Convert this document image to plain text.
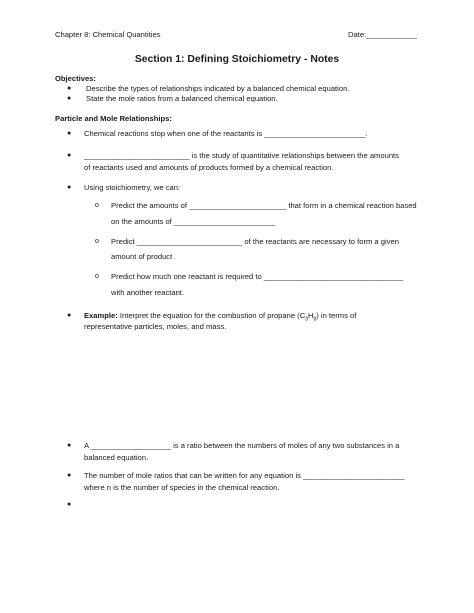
Chapter 8: Chemical Quantities	Date:____________
Section 1: Defining Stoichiometry - Notes
Objectives:
● Describe the types of relationships indicated by a balanced chemical equation.
● State the mole ratios from a balanced chemical equation.
Particle and Mole Relationships:
● Chemical reactions stop when one of the reactants is ________________________.
● _________________________ is the study of quantitative relationships between the amounts
of reactants used and amounts of products formed by a chemical reaction.
● Using stoichiometry, we can:
o Predict the amounts of _______________________ that form in a chemical reaction based
on the amounts of ________________________
o Predict _________________________ of the reactants are necessary to form a given
amount of product
o Predict how much one reactant is required to _________________________________
with another reactant.
● Example: Interpret the equation for the combustion of propane $(C_3H_8)$ in terms of
representative particles, moles, and mass.
● A ___________________ is a ratio between the numbers of moles of any two substances in a
balanced equation.
● The number of mole ratios that can be written for any equation is ________________________
where n is the number of species in the chemical reaction.
●
